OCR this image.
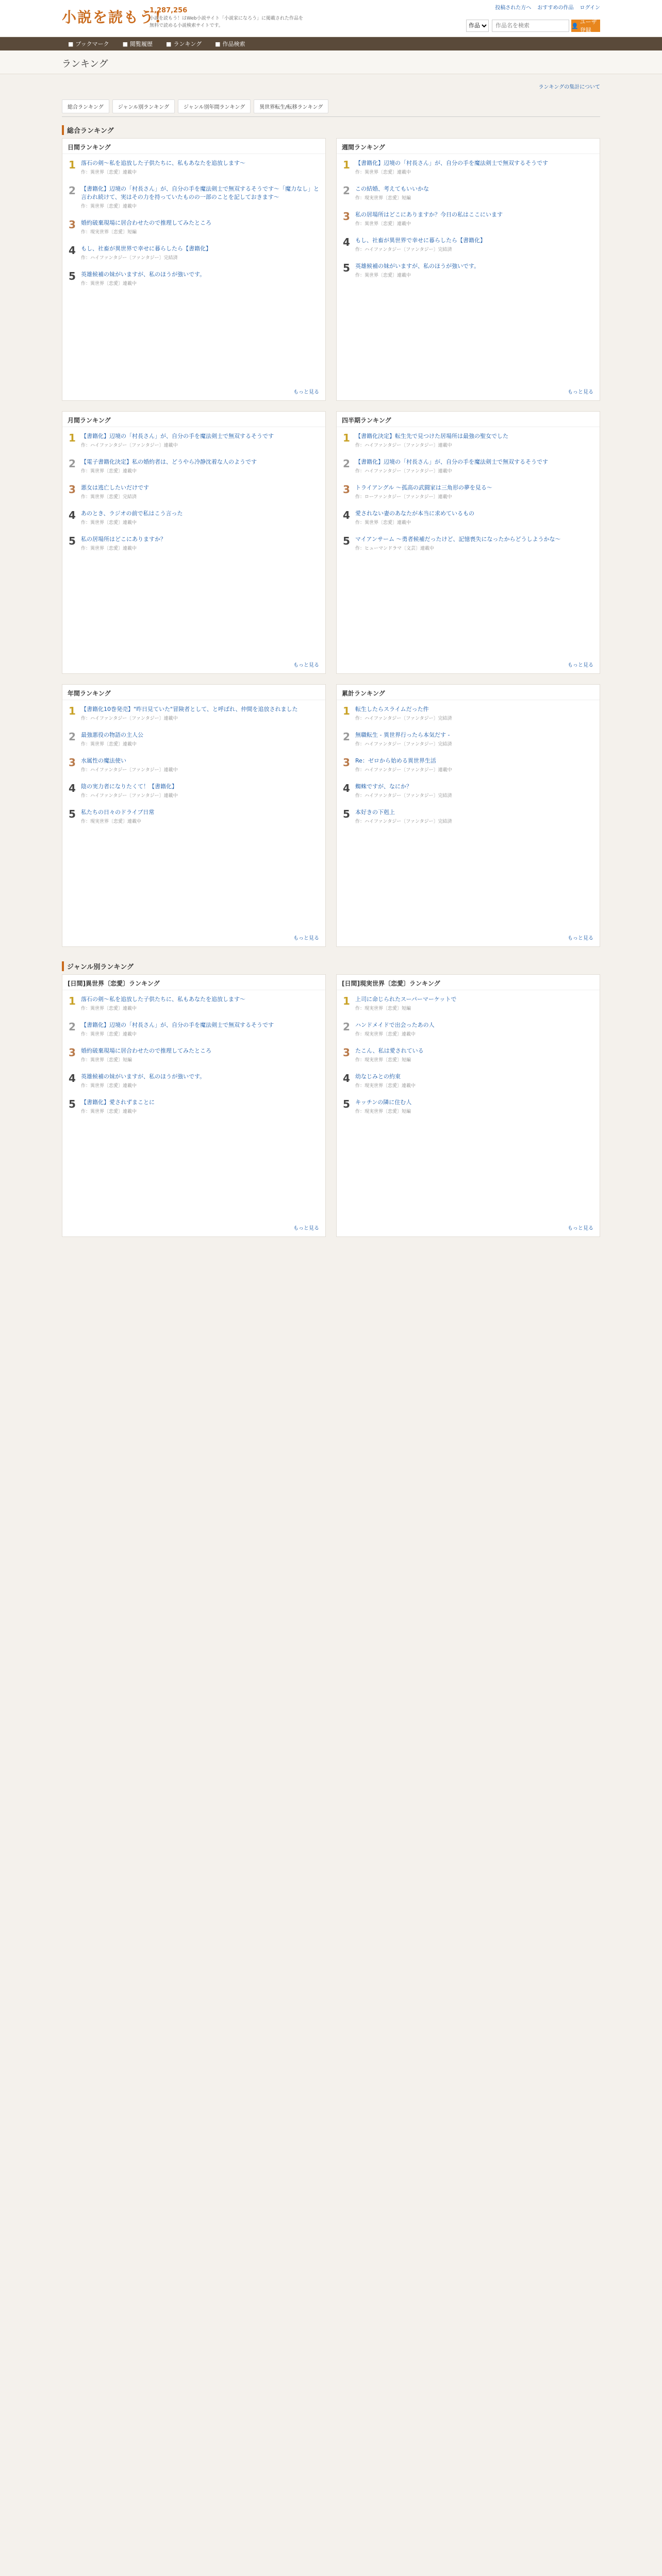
小説を読もう!
1,287,256
小説を読もう！はWeb小説サイト「小説家になろう」に掲載された作品を無料で読める小説検索サイトです。
投稿された方へ おすすめの作品 ログイン
作品
作品名を検索
👤
ユーザ登録
■ ブックマーク ■ 閲覧履歴 ■ ランキング ■ 作品検索
ランキング
ランキングの集計について
総合ランキング	ジャンル別ランキング	ジャンル別年間ランキング	異世界転生/転移ランキング
総合ランキング
日間ランキング
1 落石の剣〜私を追放した子供たちに、私もあなたを追放します〜
作：異世界〔恋愛〕連載中
2 【書籍化】辺境の「村長さん」が、自分の手を魔法剣士で無双するそうです〜「魔力なし」と言われ続けて、実はその力を持っていたものの一部のことを記しておきます〜
作：異世界〔恋愛〕連載中
3 婚約破棄現場に居合わせたので推理してみたところ
作：現実世界〔恋愛〕短編
4 もし、社畜が異世界で幸せに暮らしたら【書籍化】
作：ハイファンタジー〔ファンタジー〕完結済
5 英雄候補の妹がいますが、私のほうが強いです。
作：異世界〔恋愛〕連載中
もっと見る
週間ランキング
1 【書籍化】辺境の「村長さん」が、自分の手を魔法剣士で無双するそうです
作：異世界〔恋愛〕連載中
2 この結婚、考えてもいいかな
作：現実世界〔恋愛〕短編
3 私の居場所はどこにありますか？今日の私はここにいます
作：異世界〔恋愛〕連載中
4 もし、社畜が異世界で幸せに暮らしたら【書籍化】
作：ハイファンタジー〔ファンタジー〕完結済
5 英雄候補の妹がいますが、私のほうが強いです。
作：異世界〔恋愛〕連載中
もっと見る
月間ランキング
1 【書籍化】辺境の「村長さん」が、自分の手を魔法剣士で無双するそうです
作：ハイファンタジー〔ファンタジー〕連載中
2 【電子書籍化決定】私の婚約者は、どうやら冷静沈着な人のようです
作：異世界〔恋愛〕連載中
3 悪女は逃亡したいだけです
作：異世界〔恋愛〕完結済
4 あのとき、ラジオの前で私はこう言った
作：異世界〔恋愛〕連載中
5 私の居場所はどこにありますか？
作：異世界〔恋愛〕連載中
もっと見る
四半期ランキング
1 【書籍化決定】転生先で見つけた居場所は最強の聖女でした
作：ハイファンタジー〔ファンタジー〕連載中
2 【書籍化】辺境の「村長さん」が、自分の手を魔法剣士で無双するそうです
作：ハイファンタジー〔ファンタジー〕連載中
3 トライアングル 〜孤高の武闘家は三角形の夢を見る〜
作：ローファンタジー〔ファンタジー〕連載中
4 愛されない妻のあなたが本当に求めているもの
作：異世界〔恋愛〕連載中
5 マイアンサーム 〜勇者候補だったけど、記憶喪失になったからどうしようかな〜
作：ヒューマンドラマ〔文芸〕連載中
もっと見る
年間ランキング
1 【書籍化10巻発売】"昨日見ていた"冒険者として、と呼ばれ、仲間を追放されました
作：ハイファンタジー〔ファンタジー〕連載中
2 最強悪役の物語の主人公
作：異世界〔恋愛〕連載中
3 水属性の魔法使い
作：ハイファンタジー〔ファンタジー〕連載中
4 陰の実力者になりたくて！【書籍化】
作：ハイファンタジー〔ファンタジー〕連載中
5 私たちの日々のドライブ日常
作：現実世界〔恋愛〕連載中
もっと見る
累計ランキング
1 転生したらスライムだった件
作：ハイファンタジー〔ファンタジー〕完結済
2 無職転生 - 異世界行ったら本気だす -
作：ハイファンタジー〔ファンタジー〕完結済
3 Re：ゼロから始める異世界生活
作：ハイファンタジー〔ファンタジー〕連載中
4 蜘蛛ですが、なにか？
作：ハイファンタジー〔ファンタジー〕完結済
5 本好きの下剋上
作：ハイファンタジー〔ファンタジー〕完結済
もっと見る
ジャンル別ランキング
[日間]異世界〔恋愛〕ランキング
1 落石の剣〜私を追放した子供たちに、私もあなたを追放します〜
作：異世界〔恋愛〕連載中
2 【書籍化】辺境の「村長さん」が、自分の手を魔法剣士で無双するそうです
作：異世界〔恋愛〕連載中
3 婚約破棄現場に居合わせたので推理してみたところ
作：異世界〔恋愛〕短編
4 英雄候補の妹がいますが、私のほうが強いです。
作：異世界〔恋愛〕連載中
5 【書籍化】愛されずまことに
作：異世界〔恋愛〕連載中
もっと見る
[日間]現実世界〔恋愛〕ランキング
1 上司に命じられたスーパーマーケットで
作：現実世界〔恋愛〕短編
2 ハンドメイドで出会ったあの人
作：現実世界〔恋愛〕連載中
3 たこん、私は愛されている
作：現実世界〔恋愛〕短編
4 幼なじみとの約束
作：現実世界〔恋愛〕連載中
5 キッチンの隣に住む人
作：現実世界〔恋愛〕短編
もっと見る
